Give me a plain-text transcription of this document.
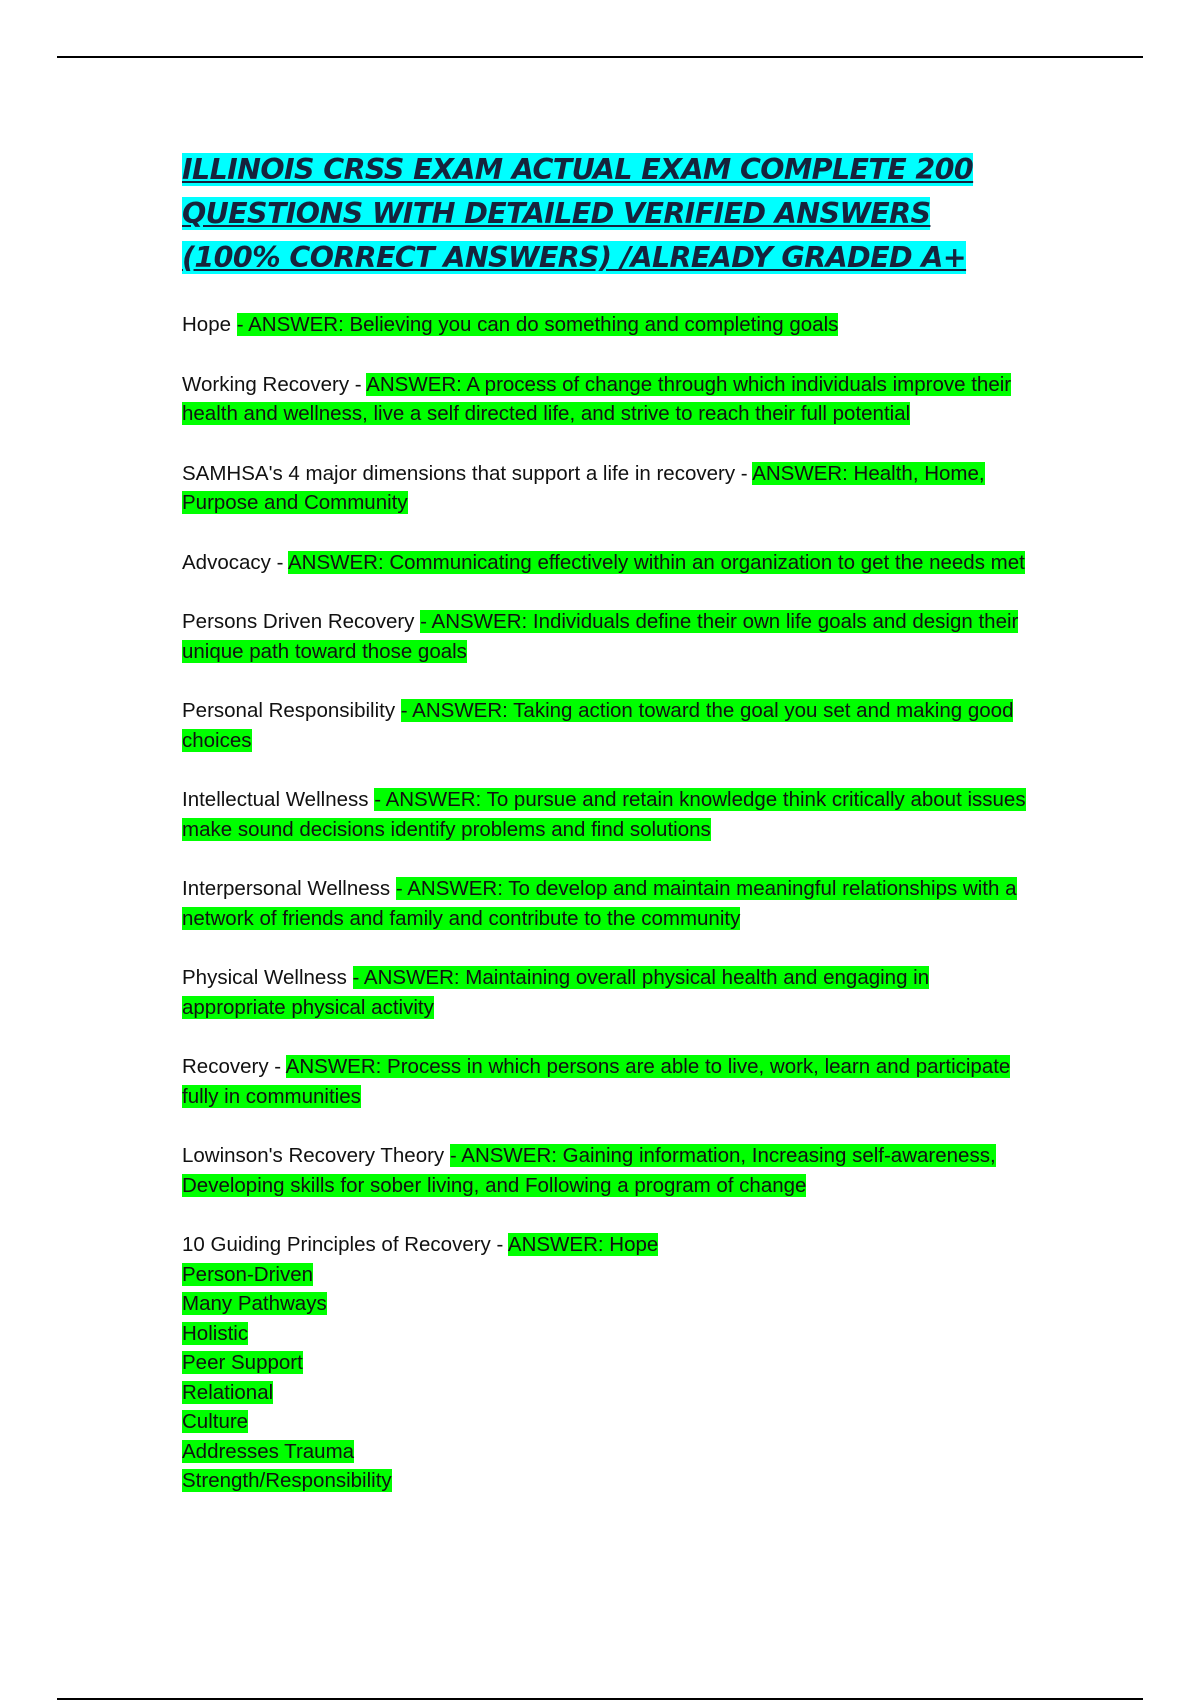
ILLINOIS CRSS EXAM ACTUAL EXAM COMPLETE 200 QUESTIONS WITH DETAILED VERIFIED ANSWERS (100% CORRECT ANSWERS) /ALREADY GRADED A+

Hope - ANSWER: Believing you can do something and completing goals

Working Recovery - ANSWER: A process of change through which individuals improve their health and wellness, live a self directed life, and strive to reach their full potential

SAMHSA's 4 major dimensions that support a life in recovery - ANSWER: Health, Home, Purpose and Community

Advocacy - ANSWER: Communicating effectively within an organization to get the needs met

Persons Driven Recovery - ANSWER: Individuals define their own life goals and design their unique path toward those goals

Personal Responsibility - ANSWER: Taking action toward the goal you set and making good choices

Intellectual Wellness - ANSWER: To pursue and retain knowledge think critically about issues make sound decisions identify problems and find solutions

Interpersonal Wellness - ANSWER: To develop and maintain meaningful relationships with a network of friends and family and contribute to the community

Physical Wellness - ANSWER: Maintaining overall physical health and engaging in appropriate physical activity

Recovery - ANSWER: Process in which persons are able to live, work, learn and participate fully in communities

Lowinson's Recovery Theory - ANSWER: Gaining information, Increasing self-awareness, Developing skills for sober living, and Following a program of change

10 Guiding Principles of Recovery - ANSWER: Hope
Person-Driven
Many Pathways
Holistic
Peer Support
Relational
Culture
Addresses Trauma
Strength/Responsibility
